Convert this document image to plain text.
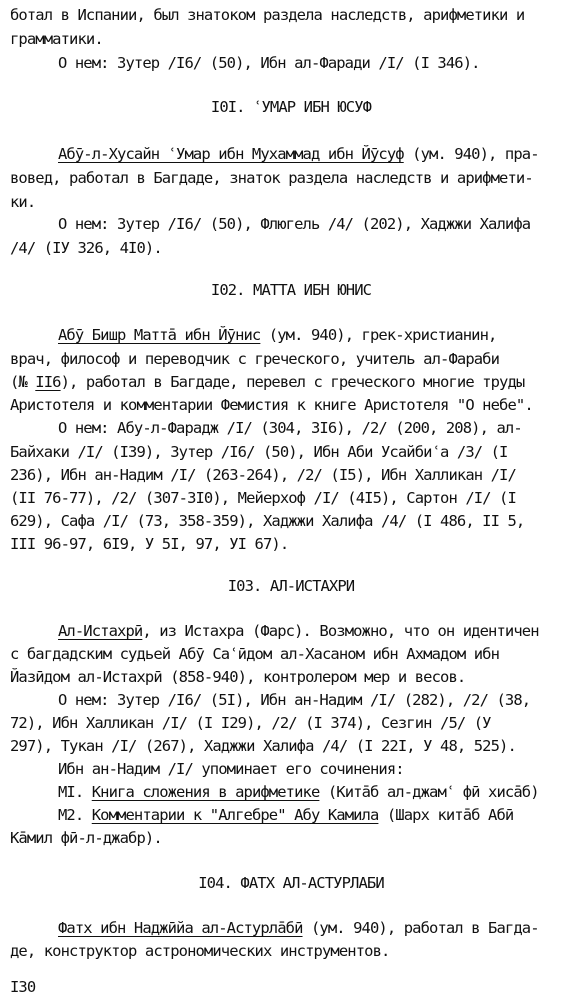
ботал в Испании, был знатоком раздела наследств, арифметики и
грамматики.
О нем: Зутер /I6/ (50), Ибн ал-Фаради /I/ (I 346).
I0I. ʿУМАР ИБН ЮСУФ
Абӯ-л-Хусайн ʿУмар ибн Мухаммад ибн Йӯсуф (ум. 940), пра-
вовед, работал в Багдаде, знаток раздела наследств и арифмети-
ки.
О нем: Зутер /I6/ (50), Флюгель /4/ (202), Хаджжи Халифа
/4/ (IУ 326, 4I0).
I02. МАТТА ИБН ЮНИС
Абӯ Бишр Маттā ибн Йӯнис (ум. 940), грек-христианин,
врач, философ и переводчик с греческого, учитель ал-Фараби
(№ II6), работал в Багдаде, перевел с греческого многие труды
Аристотеля и комментарии Фемистия к книге Аристотеля "О небе".
О нем: Абу-л-Фарадж /I/ (304, 3I6), /2/ (200, 208), ал-
Байхаки /I/ (I39), Зутер /I6/ (50), Ибн Аби Усайбиʿа /3/ (I
236), Ибн ан-Надим /I/ (263-264), /2/ (I5), Ибн Халликан /I/
(II 76-77), /2/ (307-3I0), Мейерхоф /I/ (4I5), Сартон /I/ (I
629), Сафа /I/ (73, 358-359), Хаджжи Халифа /4/ (I 486, II 5,
III 96-97, 6I9, У 5I, 97, УI 67).
I03. АЛ-ИСТАХРИ
Ал-Истахрӣ, из Истахра (Фарс). Возможно, что он идентичен
с багдадским судьей Абӯ Саʿӣдом ал-Хасаном ибн Ахмадом ибн
Йазӣдом ал-Истахрӣ (858-940), контролером мер и весов.
О нем: Зутер /I6/ (5I), Ибн ан-Надим /I/ (282), /2/ (38,
72), Ибн Халликан /I/ (I I29), /2/ (I 374), Сезгин /5/ (У
297), Тукан /I/ (267), Хаджжи Халифа /4/ (I 22I, У 48, 525).
Ибн ан-Надим /I/ упоминает его сочинения:
MI. Книга сложения в арифметике (Китāб ал-джамʿ фӣ хисāб)
M2. Комментарии к "Алгебре" Абу Камила (Шарх китāб Абӣ
Кāмил фӣ-л-джабр).
I04. ФАТХ АЛ-АСТУРЛАБИ
Фатх ибн Наджӣйа ал-Астурлāбӣ (ум. 940), работал в Багда-
де, конструктор астрономических инструментов.
I30
